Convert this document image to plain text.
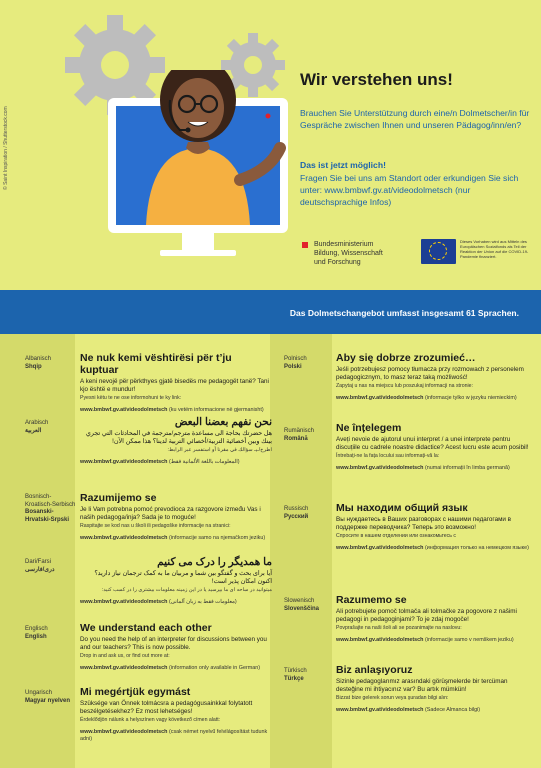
© Saint Inspiration / Shutterstock.com
Wir verstehen uns!
Brauchen Sie Unterstützung durch eine/n Dolmetscher/in für Gespräche zwischen Ihnen und unseren Pädagog/inn/en?
Das ist jetzt möglich!
Fragen Sie bei uns am Standort oder erkundigen Sie sich unter: www.bmbwf.gv.at/videodolmetsch (nur deutschsprachige Infos)

Bundesministerium
Bildung, Wissenschaft
und Forschung
Dieses Vorhaben wird aus Mitteln des Europäischen Sozialfonds als Teil der Reaktion der Union auf die COVID-19-Pandemie finanziert.
Das Dolmetschangebot umfasst insgesamt 61 Sprachen.
Albanisch
Shqip
Ne nuk kemi vështirësi për t’ju kuptuar
A keni nevojë për përkthyes gjatë bisedës me pedagogët tanë? Tani kjo është e mundur!
Pyesni këtu te ne ose informohuni te ky link:
www.bmbwf.gv.at/videodolmetsch (ku vetëm informacione në gjermanisht)
Arabisch
العربية
نحن نفهم بعضنا البعض
هل حضرتك بحاجة الى مساعدة مترجم/مترجمة في المحادثات التي تجري بينك وبين أخصائية التربية/أخصائي التربية لدينا؟ هذا ممكن الآن!
اطرح/ـيـ سؤالك في مقرنا أو استفسر عبر الرابط:
www.bmbwf.gv.at/videodolmetsch (المعلومات باللغة الألمانية فقط)
Bosnisch-Kroatisch-Serbisch
Bosanski-Hrvatski-Srpski
Razumijemo se
Je li Vam potrebna pomoć prevodioca za razgovore između Vas i naših pedagoga/inja? Sada je to moguće!
Raspitajte se kod nas u školi ili pedagoške informacije na stranici:
www.bmbwf.gv.at/videodolmetsch (informacije samo na njemačkom jeziku)
Dari/Farsi
دری/فارسی
ما همدیگر را درک می کنیم
آیا برای بحث و گفتگو بین شما و مربیان ما به کمک ترجمان نیاز دارید؟ اکنون امکان پذیر است!
میتوانید در ساحه ای ما بپرسید یا در این زمینه معلومات بیشتری را در کسب کنید:
www.bmbwf.gv.at/videodolmetsch (معلومات فقط به زبان آلمانی)
Englisch
English
We understand each other
Do you need the help of an interpreter for discussions between you and our teachers? This is now possible.
Drop in and ask us, or find out more at:
www.bmbwf.gv.at/videodolmetsch (information only available in German)
Ungarisch
Magyar nyelven
Mi megértjük egymást
Szüksége van Önnek tolmácsra a pedagógusainkkal folytatott beszélgetésekhez? Ez most lehetséges!
Érdeklődjön nálunk a helyszínen vagy következő címen alatt:
www.bmbwf.gv.at/videodolmetsch (csak német nyelvű felvilágosítást tudunk adni)
Polnisch
Polski
Aby się dobrze zrozumieć…
Jeśli potrzebujesz pomocy tłumacza przy rozmowach z personelem pedagogicznym, to masz teraz taką możliwość!
Zapytaj u nas na miejscu lub poszukaj informacji na stronie:
www.bmbwf.gv.at/videodolmetsch (informacje tylko w języku niemieckim)
Rumänisch
Română
Ne înțelegem
Aveți nevoie de ajutorul unui interpret / a unei interprete pentru discuțiile cu cadrele noastre didactice? Acest lucru este acum posibil!
Întrebați-ne la fața locului sau informați-vă la:
www.bmbwf.gv.at/videodolmetsch (numai informații în limba germană)
Russisch
Русский
Мы находим общий язык
Вы нуждаетесь в Ваших разговорах с нашими педагогами в поддержке переводчика? Теперь это возможно!
Спросите в нашем отделении или ознакомьтесь с
www.bmbwf.gv.at/videodolmetsch (информация только на немецком языке)
Slowenisch
Slovenščina
Razumemo se
Ali potrebujete pomoč tolmača ali tolmačke za pogovore z našimi pedagogi in pedagoginjami? To je zdaj mogoče!
Povprašajte na naši šoli ali se pozanimajte na naslovu:
www.bmbwf.gv.at/videodolmetsch (informacije samo v nemškem jeziku)
Türkisch
Türkçe
Biz anlaşıyoruz
Sizinle pedagoglarımız arasındaki görüşmelerde bir tercüman desteğine mi ihtiyacınız var? Bu artık mümkün!
Bizzat bize gelerek sorun veya şuradan bilgi alın:
www.bmbwf.gv.at/videodolmetsch (Sadece Almanca bilgi)
